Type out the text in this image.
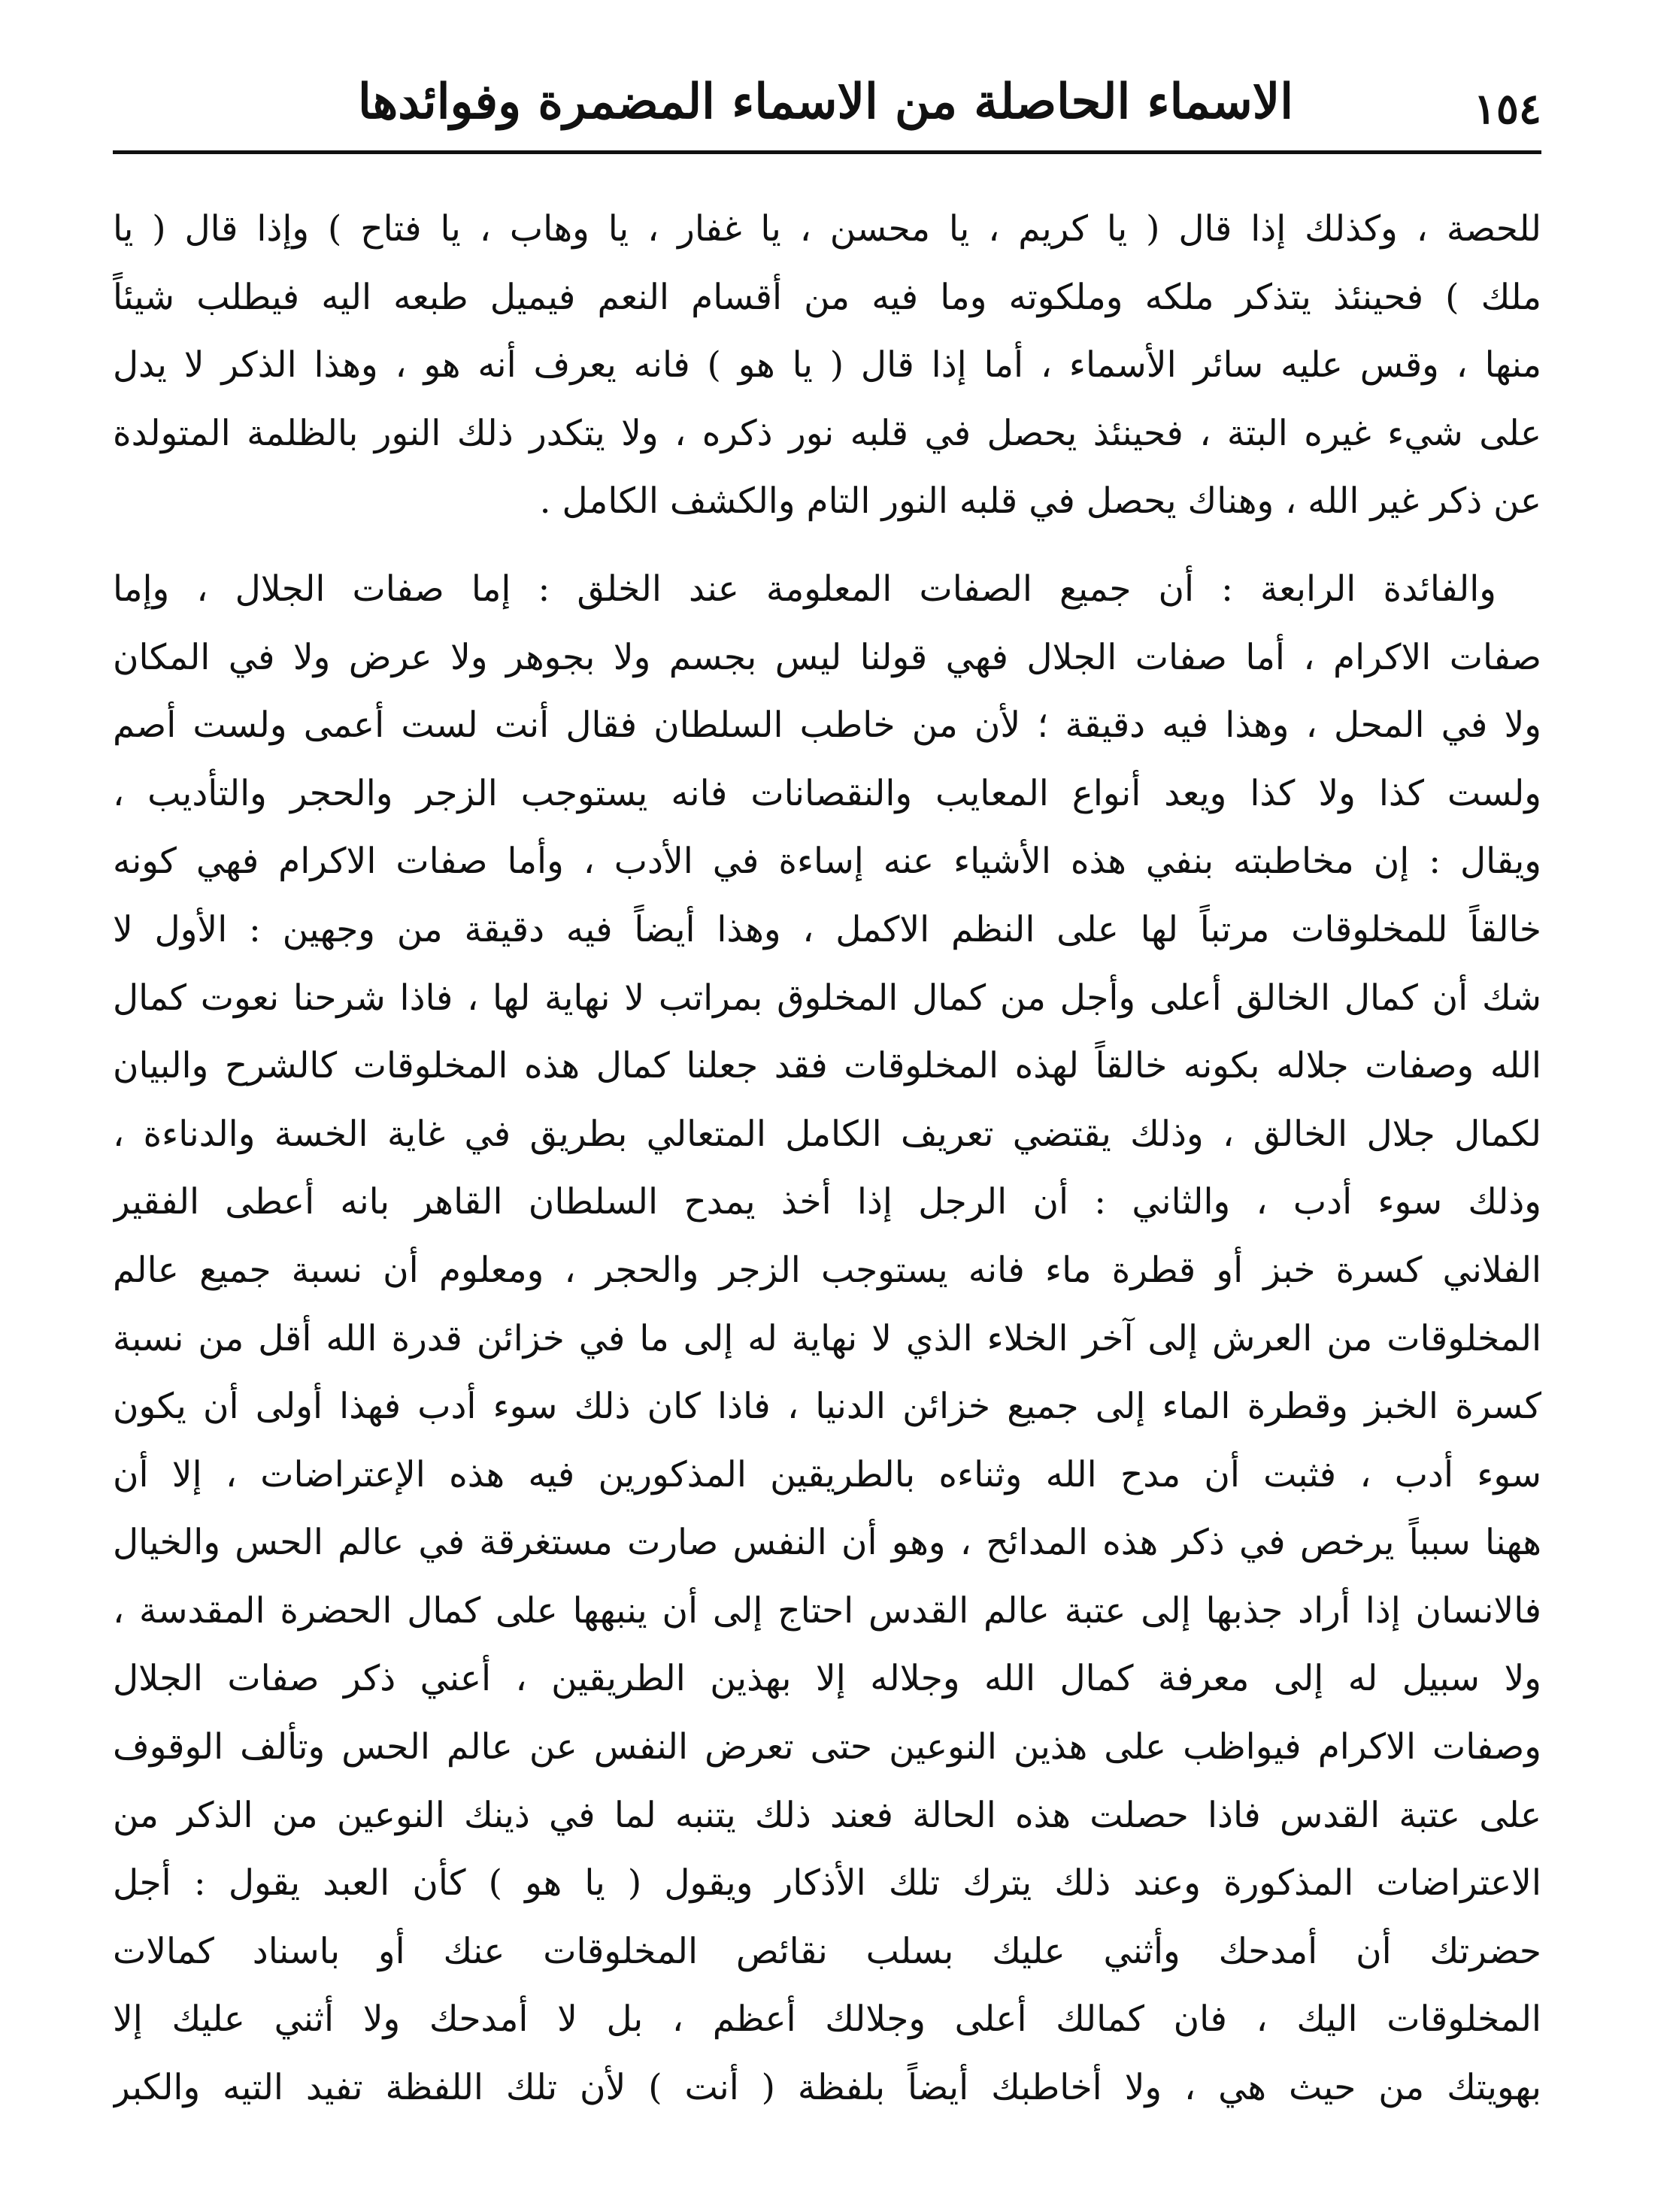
١٥٤
الاسماء الحاصلة من الاسماء المضمرة وفوائدها

للحصة ، وكذلك إذا قال ( يا كريم ، يا محسن ، يا غفار ، يا وهاب ، يا فتاح ) وإذا قال ( يا
ملك ) فحينئذ يتذكر ملكه وملكوته وما فيه من أقسام النعم فيميل طبعه اليه فيطلب شيئاً
منها ، وقس عليه سائر الأسماء ، أما إذا قال ( يا هو ) فانه يعرف أنه هو ، وهذا الذكر لا يدل
على شيء غيره البتة ، فحينئذ يحصل في قلبه نور ذكره ، ولا يتكدر ذلك النور بالظلمة المتولدة
عن ذكر غير الله ، وهناك يحصل في قلبه النور التام والكشف الكامل .

والفائدة الرابعة : أن جميع الصفات المعلومة عند الخلق : إما صفات الجلال ، وإما
صفات الاكرام ، أما صفات الجلال فهي قولنا ليس بجسم ولا بجوهر ولا عرض ولا في المكان
ولا في المحل ، وهذا فيه دقيقة ؛ لأن من خاطب السلطان فقال أنت لست أعمى ولست أصم
ولست كذا ولا كذا ويعد أنواع المعايب والنقصانات فانه يستوجب الزجر والحجر والتأديب ،
ويقال : إن مخاطبته بنفي هذه الأشياء عنه إساءة في الأدب ، وأما صفات الاكرام فهي كونه
خالقاً للمخلوقات مرتباً لها على النظم الاكمل ، وهذا أيضاً فيه دقيقة من وجهين : الأول لا
شك أن كمال الخالق أعلى وأجل من كمال المخلوق بمراتب لا نهاية لها ، فاذا شرحنا نعوت كمال
الله وصفات جلاله بكونه خالقاً لهذه المخلوقات فقد جعلنا كمال هذه المخلوقات كالشرح والبيان
لكمال جلال الخالق ، وذلك يقتضي تعريف الكامل المتعالي بطريق في غاية الخسة والدناءة ،
وذلك سوء أدب ، والثاني : أن الرجل إذا أخذ يمدح السلطان القاهر بانه أعطى الفقير
الفلاني كسرة خبز أو قطرة ماء فانه يستوجب الزجر والحجر ، ومعلوم أن نسبة جميع عالم
المخلوقات من العرش إلى آخر الخلاء الذي لا نهاية له إلى ما في خزائن قدرة الله أقل من نسبة
كسرة الخبز وقطرة الماء إلى جميع خزائن الدنيا ، فاذا كان ذلك سوء أدب فهذا أولى أن يكون
سوء أدب ، فثبت أن مدح الله وثناءه بالطريقين المذكورين فيه هذه الإعتراضات ، إلا أن
ههنا سبباً يرخص في ذكر هذه المدائح ، وهو أن النفس صارت مستغرقة في عالم الحس والخيال
فالانسان إذا أراد جذبها إلى عتبة عالم القدس احتاج إلى أن ينبهها على كمال الحضرة المقدسة ،
ولا سبيل له إلى معرفة كمال الله وجلاله إلا بهذين الطريقين ، أعني ذكر صفات الجلال
وصفات الاكرام فيواظب على هذين النوعين حتى تعرض النفس عن عالم الحس وتألف الوقوف
على عتبة القدس فاذا حصلت هذه الحالة فعند ذلك يتنبه لما في ذينك النوعين من الذكر من
الاعتراضات المذكورة وعند ذلك يترك تلك الأذكار ويقول ( يا هو ) كأن العبد يقول : أجل
حضرتك أن أمدحك وأثني عليك بسلب نقائص المخلوقات عنك أو باسناد كمالات
المخلوقات اليك ، فان كمالك أعلى وجلالك أعظم ، بل لا أمدحك ولا أثني عليك إلا
بهويتك من حيث هي ، ولا أخاطبك أيضاً بلفظة ( أنت ) لأن تلك اللفظة تفيد التيه والكبر
